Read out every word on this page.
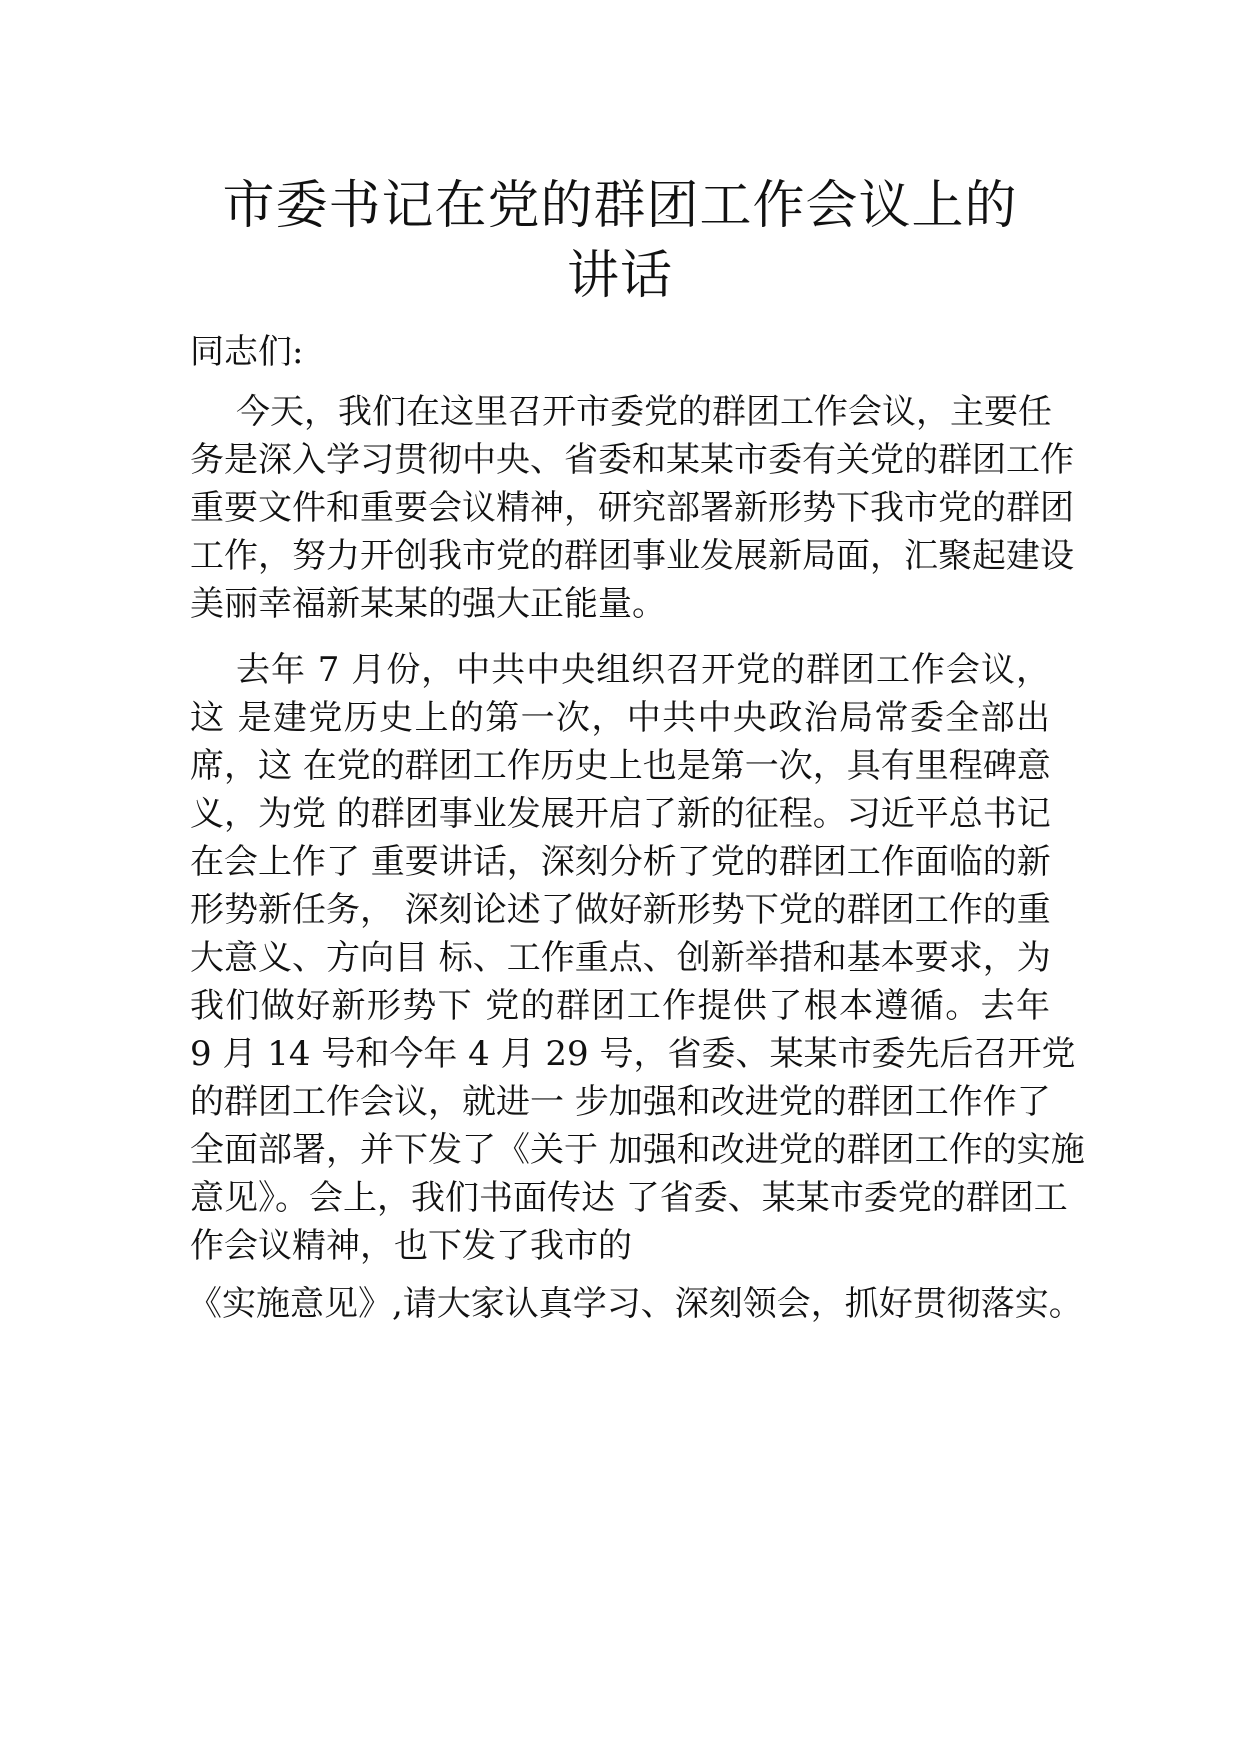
市委书记在党的群团工作会议上的
讲话

同志们:

今天，我们在这里召开市委党的群团工作会议，主要任

务是深入学习贯彻中央、省委和某某市委有关党的群团工作

重要文件和重要会议精神，研究部署新形势下我市党的群团

工作，努力开创我市党的群团事业发展新局面，汇聚起建设

美丽幸福新某某的强大正能量。

去年 7 月份，中共中央组织召开党的群团工作会议，

这 是建党历史上的第一次，中共中央政治局常委全部出

席，这 在党的群团工作历史上也是第一次，具有里程碑意

义，为党 的群团事业发展开启了新的征程。习近平总书记

在会上作了 重要讲话，深刻分析了党的群团工作面临的新

形势新任务， 深刻论述了做好新形势下党的群团工作的重

大意义、方向目 标、工作重点、创新举措和基本要求，为

我们做好新形势下 党的群团工作提供了根本遵循。去年

9 月 14 号和今年 4 月 29 号，省委、某某市委先后召开党

的群团工作会议，就进一 步加强和改进党的群团工作作了

全面部署，并下发了《关于 加强和改进党的群团工作的实施

意见》。会上，我们书面传达 了省委、某某市委党的群团工

作会议精神，也下发了我市的

《实施意见》,请大家认真学习、深刻领会，抓好贯彻落实。
